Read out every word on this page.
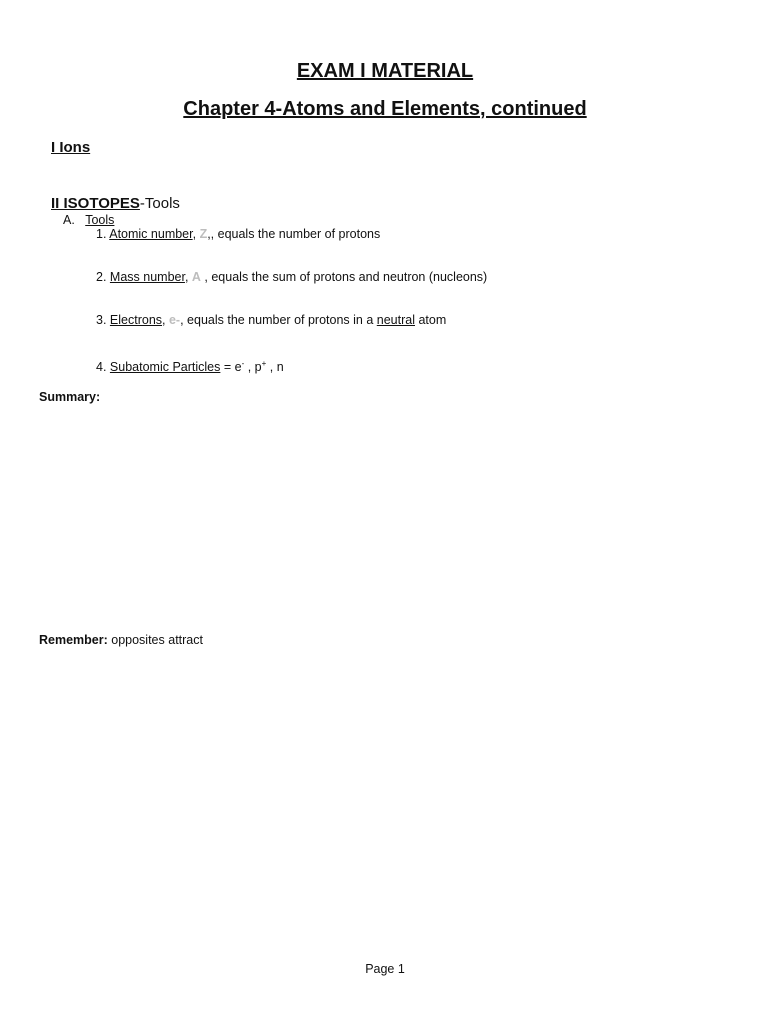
EXAM I MATERIAL
Chapter 4-Atoms and Elements, continued
I Ions
II ISOTOPES-Tools
A. Tools
1. Atomic number, Z,, equals the number of protons
2. Mass number, A , equals the sum of protons and neutron (nucleons)
3. Electrons, e-, equals the number of protons in a neutral atom
4. Subatomic Particles = e- , p+ , n
Summary:
Remember: opposites attract
Page 1
